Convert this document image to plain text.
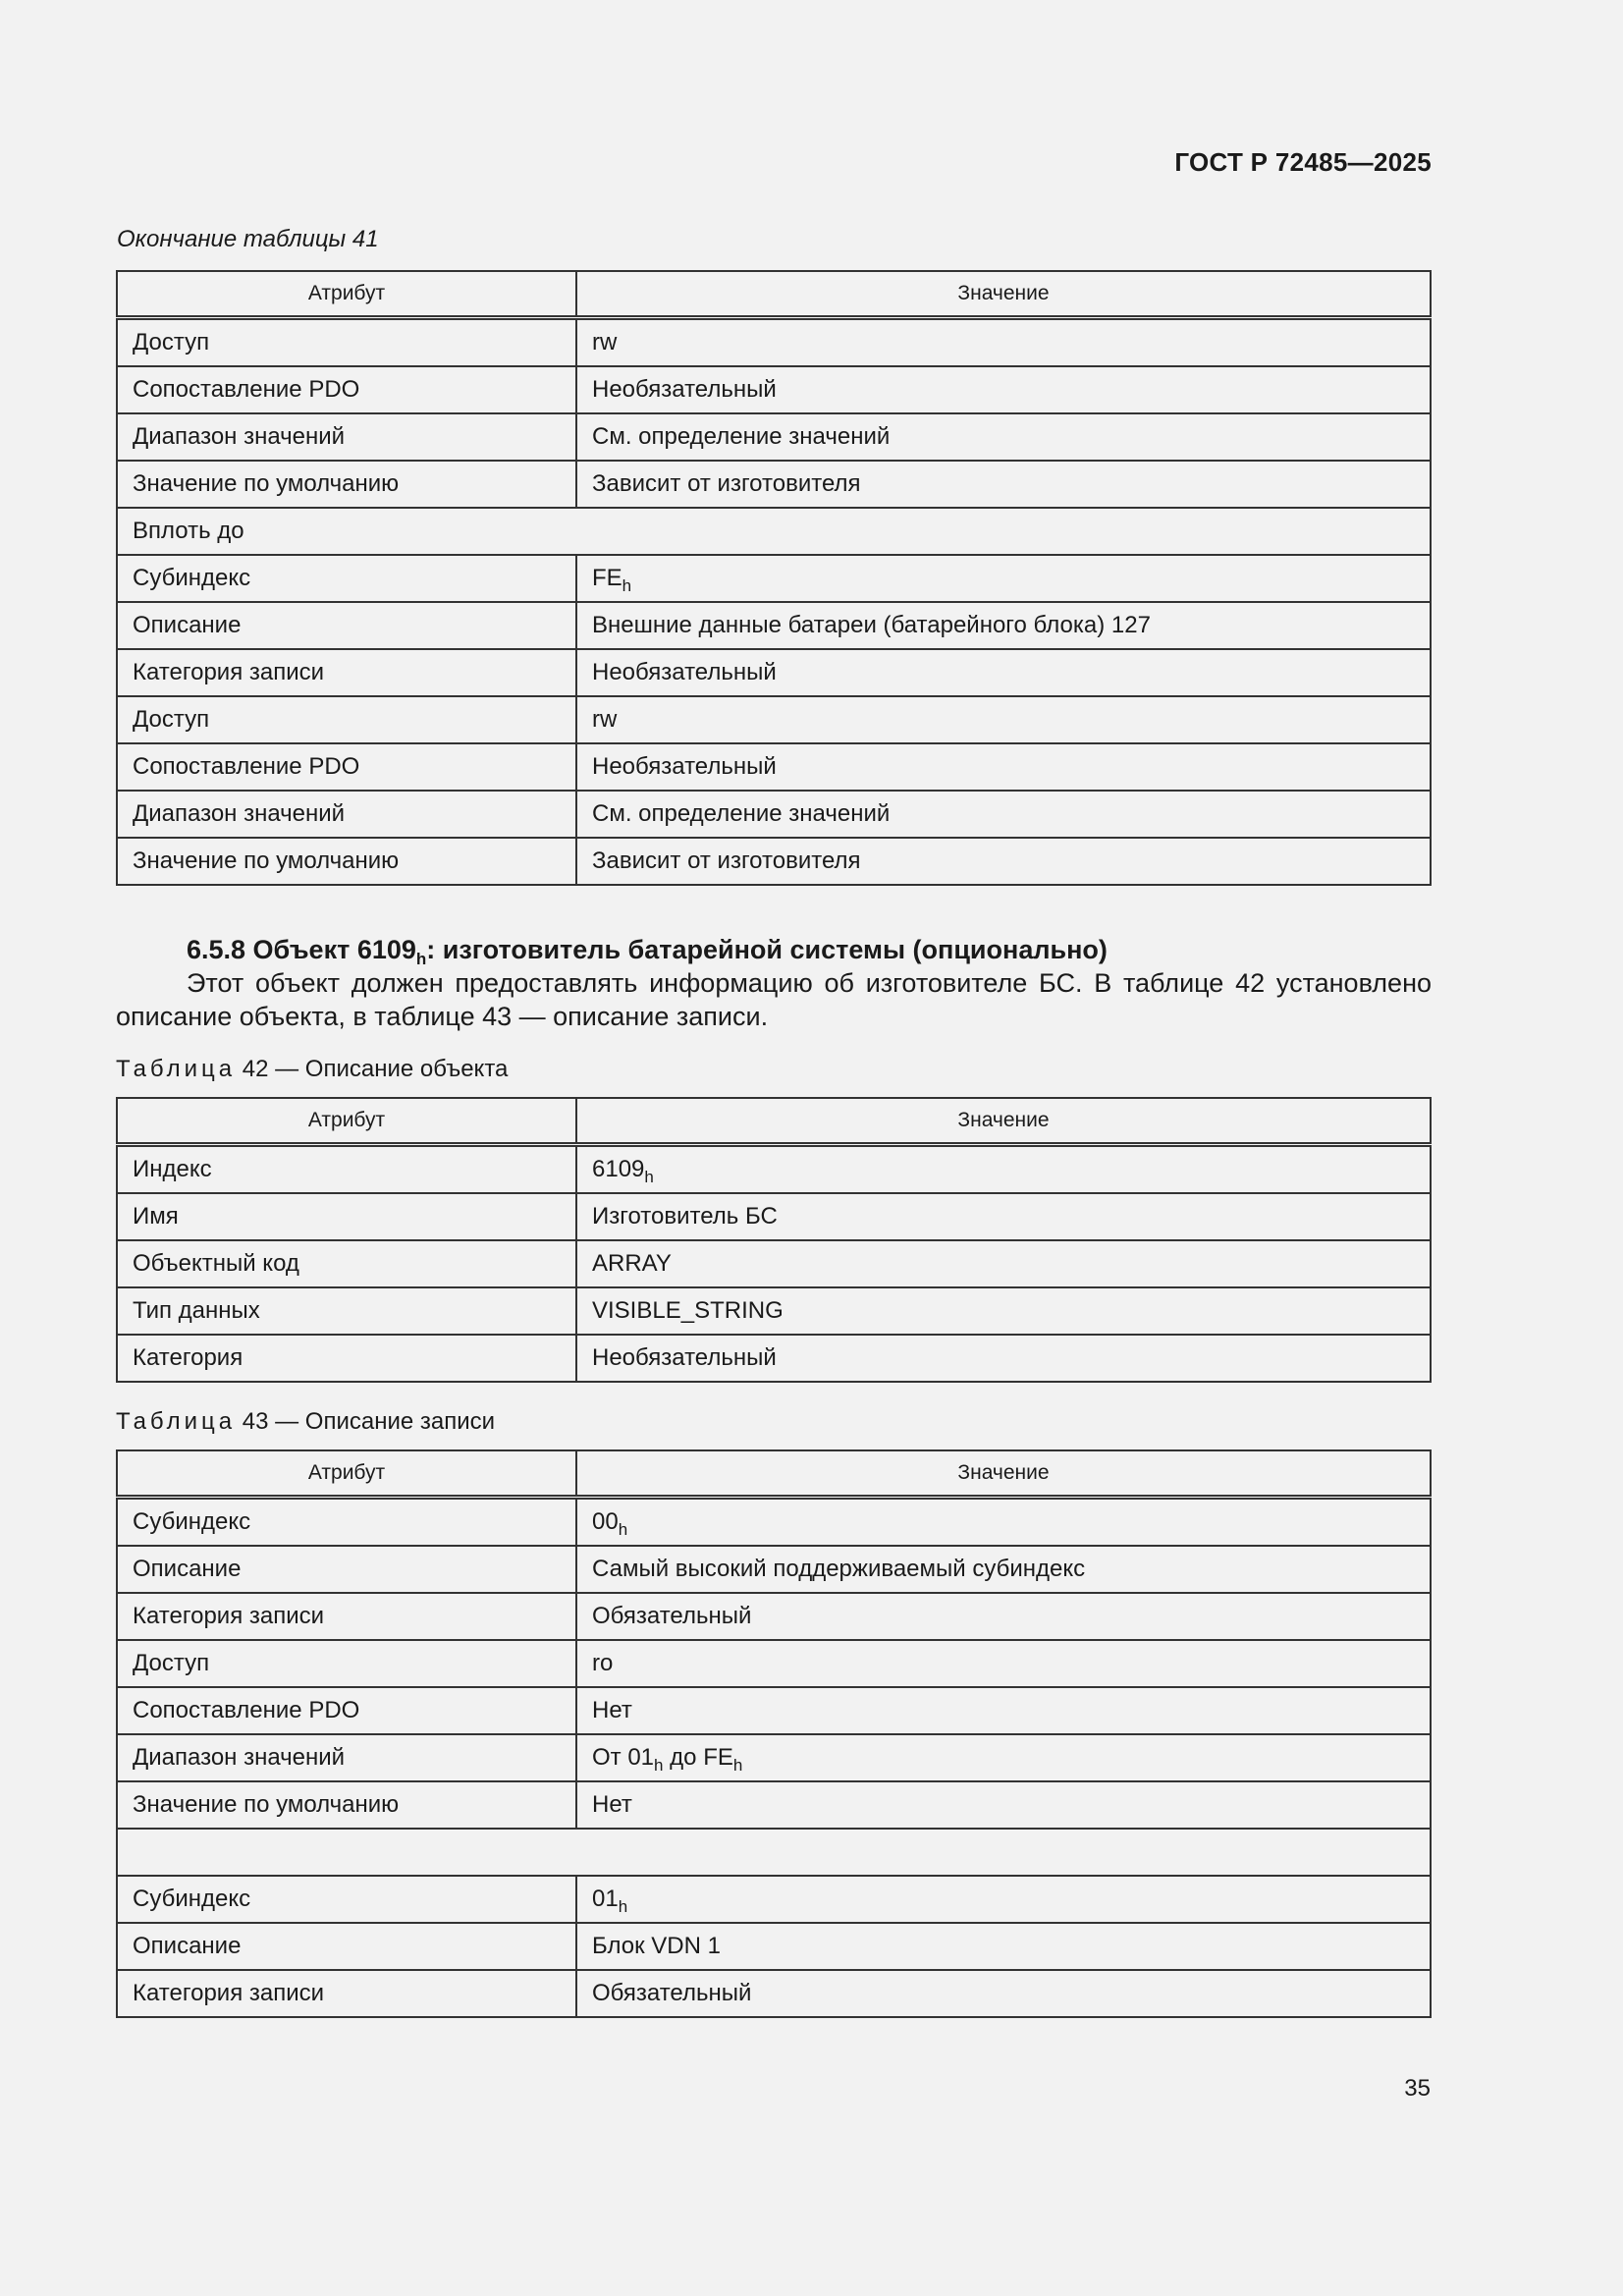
ГОСТ Р 72485—2025
Окончание таблицы 41
Атрибут	Значение
Доступ	rw
Сопоставление PDO	Необязательный
Диапазон значений	См. определение значений
Значение по умолчанию	Зависит от изготовителя
Вплоть до	
Субиндекс	$FE_h$
Описание	Внешние данные батареи (батарейного блока) 127
Категория записи	Необязательный
Доступ	rw
Сопоставление PDO	Необязательный
Диапазон значений	См. определение значений
Значение по умолчанию	Зависит от изготовителя
6.5.8 Объект $6109_h$: изготовитель батарейной системы (опционально)
Этот объект должен предоставлять информацию об изготовителе БС. В таблице 42 установлено описание объекта, в таблице 43 — описание записи.
Таблица 42 — Описание объекта
Атрибут	Значение
Индекс	$6109_h$
Имя	Изготовитель БС
Объектный код	ARRAY
Тип данных	VISIBLE_STRING
Категория	Необязательный
Таблица 43 — Описание записи
Атрибут	Значение
Субиндекс	$00_h$
Описание	Самый высокий поддерживаемый субиндекс
Категория записи	Обязательный
Доступ	ro
Сопоставление PDO	Нет
Диапазон значений	От $01_h$ до $FE_h$
Значение по умолчанию	Нет

Субиндекс	$01_h$
Описание	Блок VDN 1
Категория записи	Обязательный
35
